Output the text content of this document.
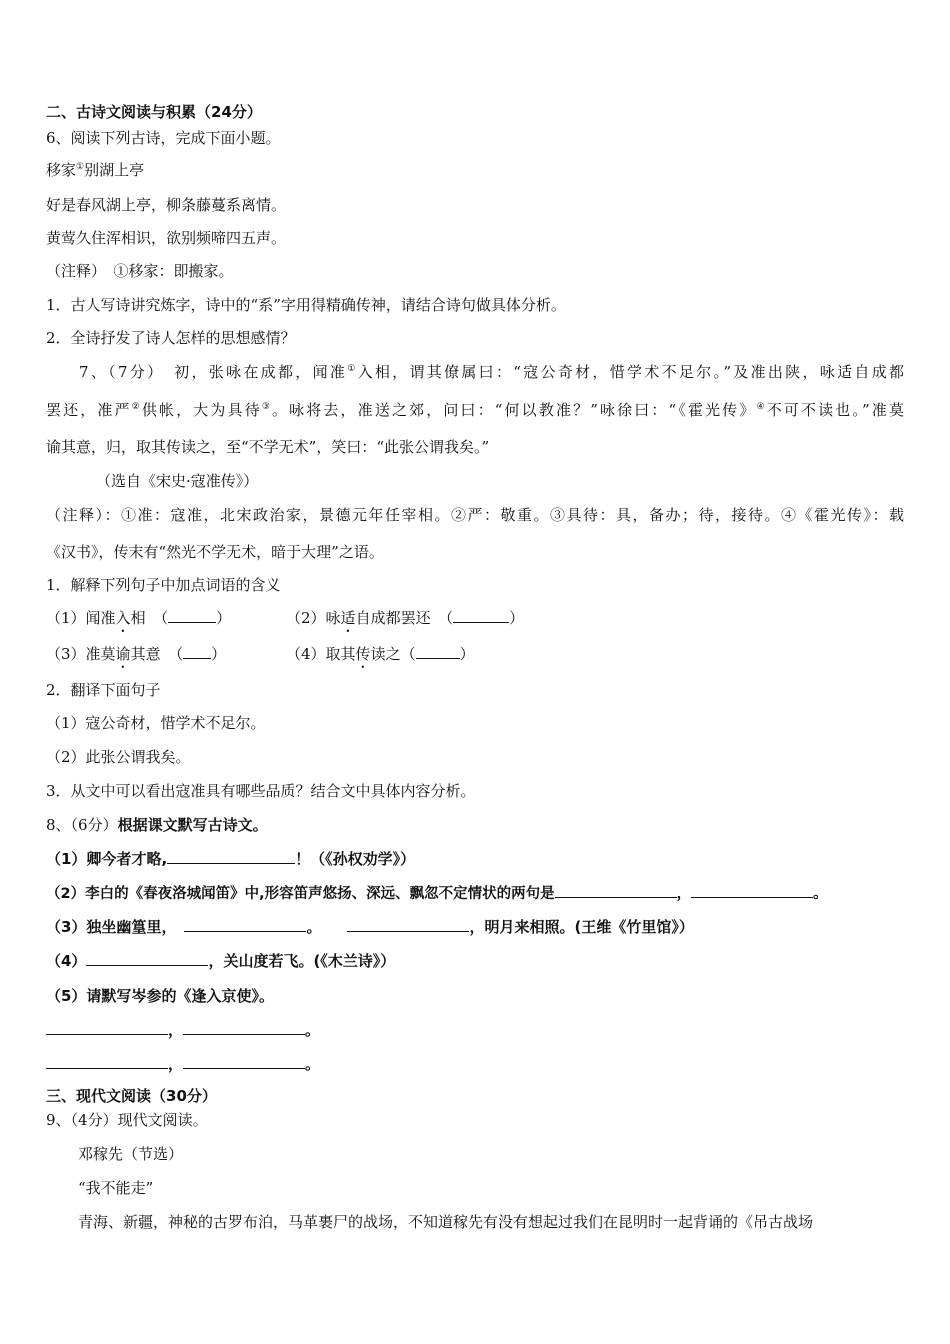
二、古诗文阅读与积累（24分）
6、阅读下列古诗，完成下面小题。
移家①别湖上亭
好是春风湖上亭，柳条藤蔓系离情。
黄莺久住浑相识，欲别频啼四五声。
（注释）　①移家：即搬家。
1．古人写诗讲究炼字，诗中的“系”字用得精确传神，请结合诗句做具体分析。
2．全诗抒发了诗人怎样的思想感情？
7、（7分）　初，张咏在成都，闻准①入相，谓其僚属曰：“寇公奇材，惜学术不足尔。”及准出陕，咏适自成都
罢还，准严②供帐，大为具待③。咏将去，准送之郊，问曰：“何以教准？”咏徐曰：“《霍光传》④不可不读也。”准莫
谕其意，归，取其传读之，至“不学无术”，笑曰：“此张公谓我矣。”
（选自《宋史·寇准传》）
（注释）：①准：寇准，北宋政治家，景德元年任宰相。②严：敬重。③具待：具，备办；待，接待。④《霍光传》：载
《汉书》，传末有“然光不学无术，暗于大理”之语。
1．解释下列句子中加点词语的含义
（1）闻准入相　（	）	（2）咏适自成都罢还　（	）
（3）准莫谕其意　（ ）	（4）取其传读之（	）
2．翻译下面句子
（1）寇公奇材，惜学术不足尔。
（2）此张公谓我矣。
3．从文中可以看出寇准具有哪些品质？结合文中具体内容分析。
8、（6分）根据课文默写古诗文。
（1）卿今者才略,	！（《孙权劝学》）
（2）李白的《春夜洛城闻笛》中,形容笛声悠扬、深远、飘忽不定情状的两句是	，	。
（3）独坐幽篁里，	。	，明月来相照。(王维《竹里馆》）
（4）	，关山度若飞。(《木兰诗》）
（5）请默写岑参的《逢入京使》。
，	。
，	。
三、现代文阅读（30分）
9、（4分）现代文阅读。
邓稼先（节选）
“我不能走”
青海、新疆，神秘的古罗布泊，马革裹尸的战场，不知道稼先有没有想起过我们在昆明时一起背诵的《吊古战场
